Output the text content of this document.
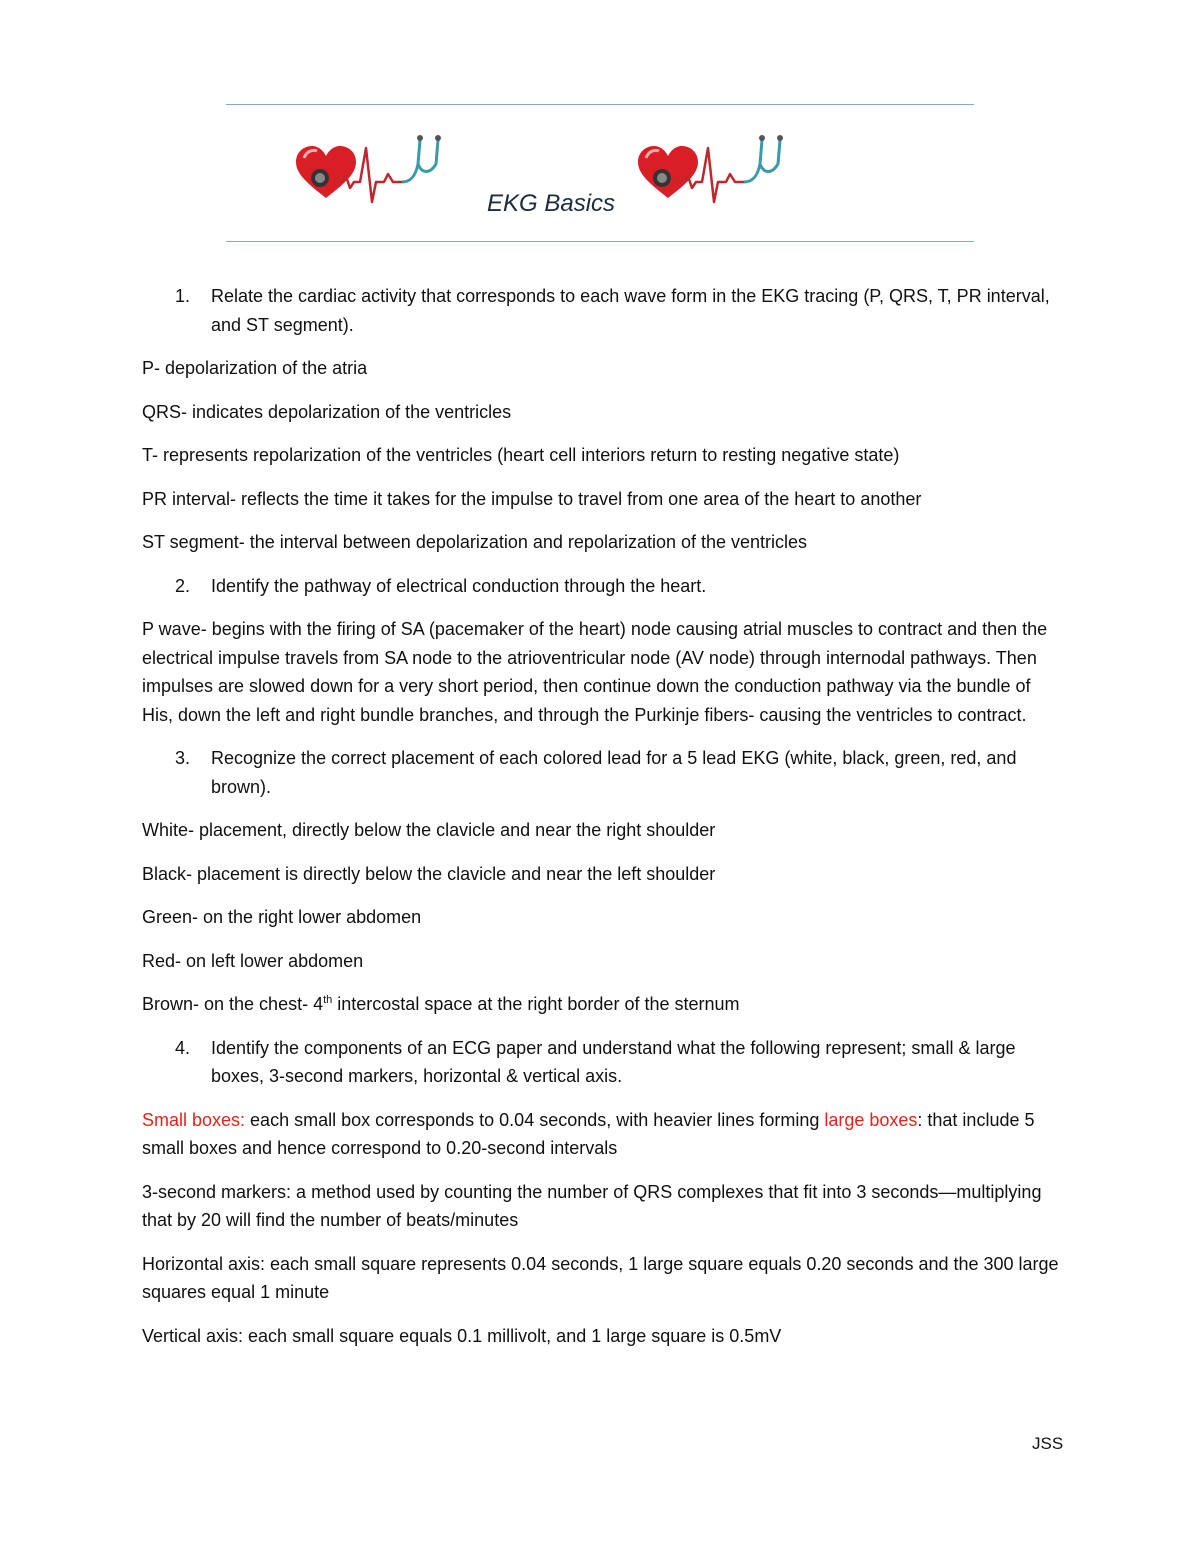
EKG Basics
1. Relate the cardiac activity that corresponds to each wave form in the EKG tracing (P, QRS, T, PR interval, and ST segment).

P- depolarization of the atria

QRS- indicates depolarization of the ventricles

T- represents repolarization of the ventricles (heart cell interiors return to resting negative state)

PR interval- reflects the time it takes for the impulse to travel from one area of the heart to another

ST segment- the interval between depolarization and repolarization of the ventricles

2. Identify the pathway of electrical conduction through the heart.

P wave- begins with the firing of SA (pacemaker of the heart) node causing atrial muscles to contract and then the electrical impulse travels from SA node to the atrioventricular node (AV node) through internodal pathways. Then impulses are slowed down for a very short period, then continue down the conduction pathway via the bundle of His, down the left and right bundle branches, and through the Purkinje fibers- causing the ventricles to contract.

3. Recognize the correct placement of each colored lead for a 5 lead EKG (white, black, green, red, and brown).

White- placement, directly below the clavicle and near the right shoulder

Black- placement is directly below the clavicle and near the left shoulder

Green- on the right lower abdomen

Red- on left lower abdomen

Brown- on the chest- 4th intercostal space at the right border of the sternum

4. Identify the components of an ECG paper and understand what the following represent; small & large boxes, 3-second markers, horizontal & vertical axis.

Small boxes: each small box corresponds to 0.04 seconds, with heavier lines forming large boxes: that include 5 small boxes and hence correspond to 0.20-second intervals

3-second markers: a method used by counting the number of QRS complexes that fit into 3 seconds—multiplying that by 20 will find the number of beats/minutes

Horizontal axis: each small square represents 0.04 seconds, 1 large square equals 0.20 seconds and the 300 large squares equal 1 minute

Vertical axis: each small square equals 0.1 millivolt, and 1 large square is 0.5mV

JSS
